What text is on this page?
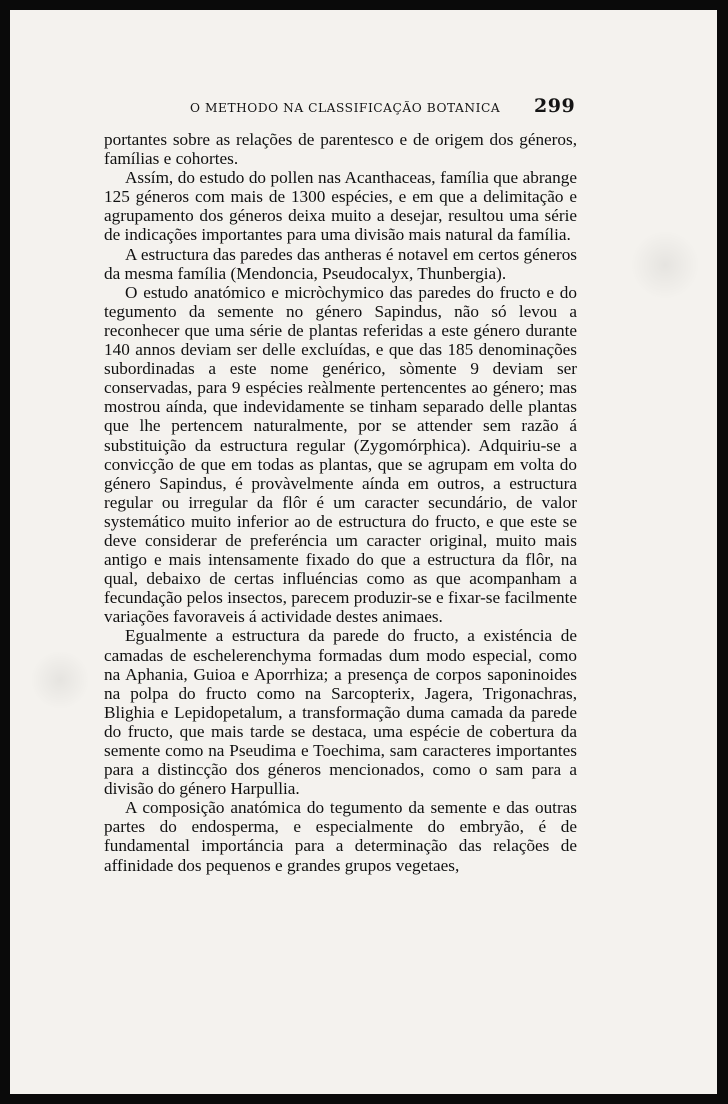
O METHODO NA CLASSIFICAÇÃO BOTANICA 299

portantes sobre as relações de parentesco e de origem dos géneros, famílias e cohortes.

Assím, do estudo do pollen nas Acanthaceas, família que abrange 125 géneros com mais de 1300 espécies, e em que a delimitação e agrupamento dos géneros deixa muito a desejar, resultou uma série de indicações importantes para uma divisão mais natural da família.

A estructura das paredes das antheras é notavel em certos géneros da mesma família (Mendoncia, Pseudocalyx, Thunbergia).

O estudo anatómico e micròchymico das paredes do fructo e do tegumento da semente no género Sapindus, não só levou a reconhecer que uma série de plantas referidas a este género durante 140 annos deviam ser delle excluídas, e que das 185 denominações subordinadas a este nome genérico, sòmente 9 deviam ser conservadas, para 9 espécies reàlmente pertencentes ao género; mas mostrou aínda, que indevidamente se tinham separado delle plantas que lhe pertencem naturalmente, por se attender sem razão á substituição da estructura regular (Zygomórphica). Adquiriu-se a convicção de que em todas as plantas, que se agrupam em volta do género Sapindus, é provàvelmente aínda em outros, a estructura regular ou irregular da flôr é um caracter secundário, de valor systemático muito inferior ao de estructura do fructo, e que este se deve considerar de preferéncia um caracter original, muito mais antigo e mais intensamente fixado do que a estructura da flôr, na qual, debaixo de certas influéncias como as que acompanham a fecundação pelos insectos, parecem produzir-se e fixar-se facilmente variações favoraveis á actividade destes animaes.

Egualmente a estructura da parede do fructo, a existéncia de camadas de eschelerenchyma formadas dum modo especial, como na Aphania, Guioa e Aporrhiza; a presença de corpos saponinoides na polpa do fructo como na Sarcopterix, Jagera, Trigonachras, Blighia e Lepidopetalum, a transformação duma camada da parede do fructo, que mais tarde se destaca, uma espécie de cobertura da semente como na Pseudima e Toechima, sam caracteres importantes para a distincção dos géneros mencionados, como o sam para a divisão do género Harpullia.

A composição anatómica do tegumento da semente e das outras partes do endosperma, e especialmente do embryão, é de fundamental importáncia para a determinação das relações de affinidade dos pequenos e grandes grupos vegetaes,
